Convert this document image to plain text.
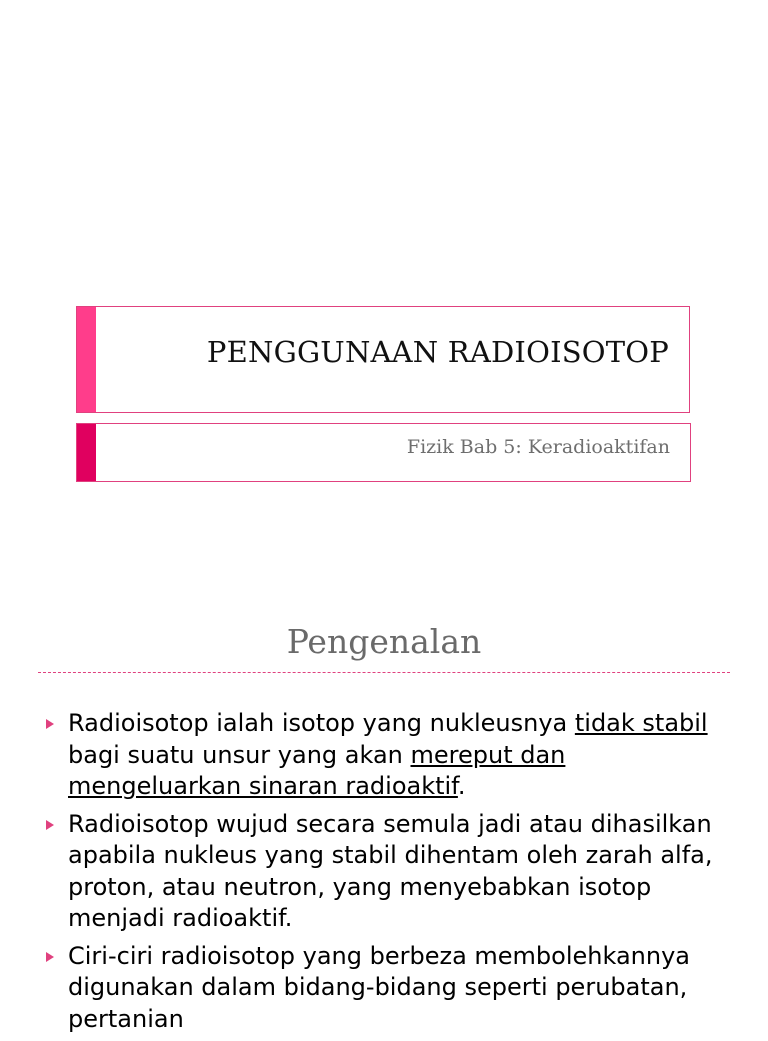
PENGGUNAAN RADIOISOTOP
Fizik Bab 5: Keradioaktifan
Pengenalan
Radioisotop ialah isotop yang nukleusnya tidak stabil bagi suatu unsur yang akan mereput dan mengeluarkan sinaran radioaktif.
Radioisotop wujud secara semula jadi atau dihasilkan apabila nukleus yang stabil dihentam oleh zarah alfa, proton, atau neutron, yang menyebabkan isotop menjadi radioaktif.
Ciri-ciri radioisotop yang berbeza membolehkannya digunakan dalam bidang-bidang seperti perubatan, pertanian
